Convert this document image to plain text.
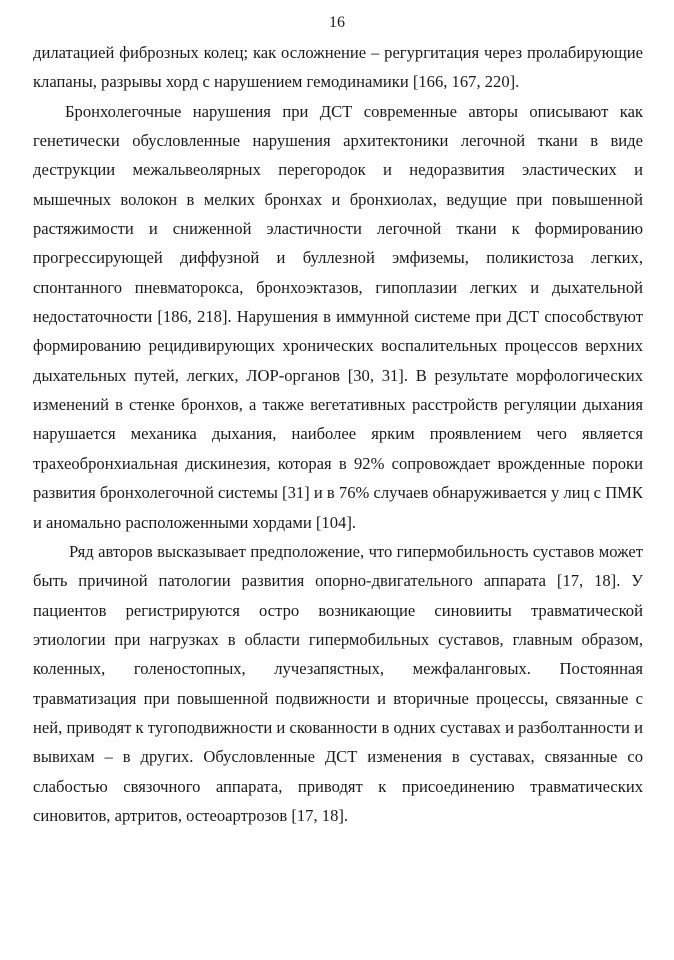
16

дилатацией фиброзных колец; как осложнение – регургитация через пролабирующие клапаны, разрывы хорд с нарушением гемодинамики [166, 167, 220].

Бронхолегочные нарушения при ДСТ современные авторы описывают как генетически обусловленные нарушения архитектоники легочной ткани в виде деструкции межальвеолярных перегородок и недоразвития эластических и мышечных волокон в мелких бронхах и бронхиолах, ведущие при повышенной растяжимости и сниженной эластичности легочной ткани к формированию прогрессирующей диффузной и буллезной эмфиземы, поликистоза легких, спонтанного пневматорокса, бронхоэктазов, гипоплазии легких и дыхательной недостаточности [186, 218]. Нарушения в иммунной системе при ДСТ способствуют формированию рецидивирующих хронических воспалительных процессов верхних дыхательных путей, легких, ЛОР-органов [30, 31]. В результате морфологических изменений в стенке бронхов, а также вегетативных расстройств регуляции дыхания нарушается механика дыхания, наиболее ярким проявлением чего является трахеобронхиальная дискинезия, которая в 92% сопровождает врожденные пороки развития бронхолегочной системы [31] и в 76% случаев обнаруживается у лиц с ПМК и аномально расположенными хордами [104].

Ряд авторов высказывает предположение, что гипермобильность суставов может быть причиной патологии развития опорно-двигательного аппарата [17, 18]. У пациентов регистрируются остро возникающие синовииты травматической этиологии при нагрузках в области гипермобильных суставов, главным образом, коленных, голеностопных, лучезапястных, межфаланговых. Постоянная травматизация при повышенной подвижности и вторичные процессы, связанные с ней, приводят к тугоподвижности и скованности в одних суставах и разболтанности и вывихам – в других. Обусловленные ДСТ изменения в суставах, связанные со слабостью связочного аппарата, приводят к присоединению травматических синовитов, артритов, остеоартрозов [17, 18].
